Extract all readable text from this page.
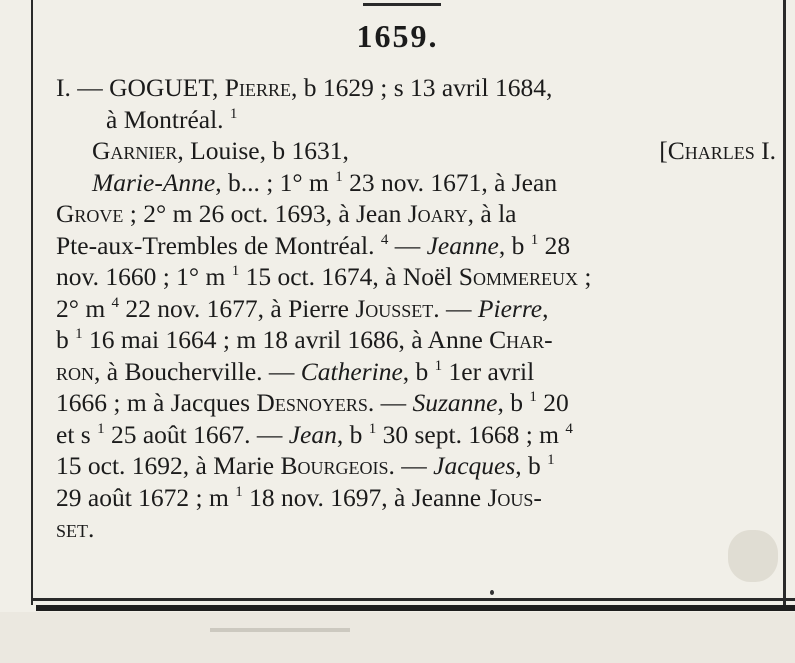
1659.
I. — GOGUET, Pierre, b 1629 ; s 13 avril 1684,
à Montréal. $^1$
Garnier, Louise, b 1631,	[Charles I.
Marie-Anne, b... ; 1° m $^1$ 23 nov. 1671, à Jean
Grove ; 2° m 26 oct. 1693, à Jean Joary, à la
Pte-aux-Trembles de Montréal. $^4$ — Jeanne, b $^1$ 28
nov. 1660 ; 1° m $^1$ 15 oct. 1674, à Noël Sommereux ;
2° m $^4$ 22 nov. 1677, à Pierre Jousset. — Pierre,
b $^1$ 16 mai 1664 ; m 18 avril 1686, à Anne Char-
ron, à Boucherville. — Catherine, b $^1$ 1er avril
1666 ; m à Jacques Desnoyers. — Suzanne, b $^1$ 20
et s $^1$ 25 août 1667. — Jean, b $^1$ 30 sept. 1668 ; m $^4$
15 oct. 1692, à Marie Bourgeois. — Jacques, b $^1$
29 août 1672 ; m $^1$ 18 nov. 1697, à Jeanne Jous-
set.
